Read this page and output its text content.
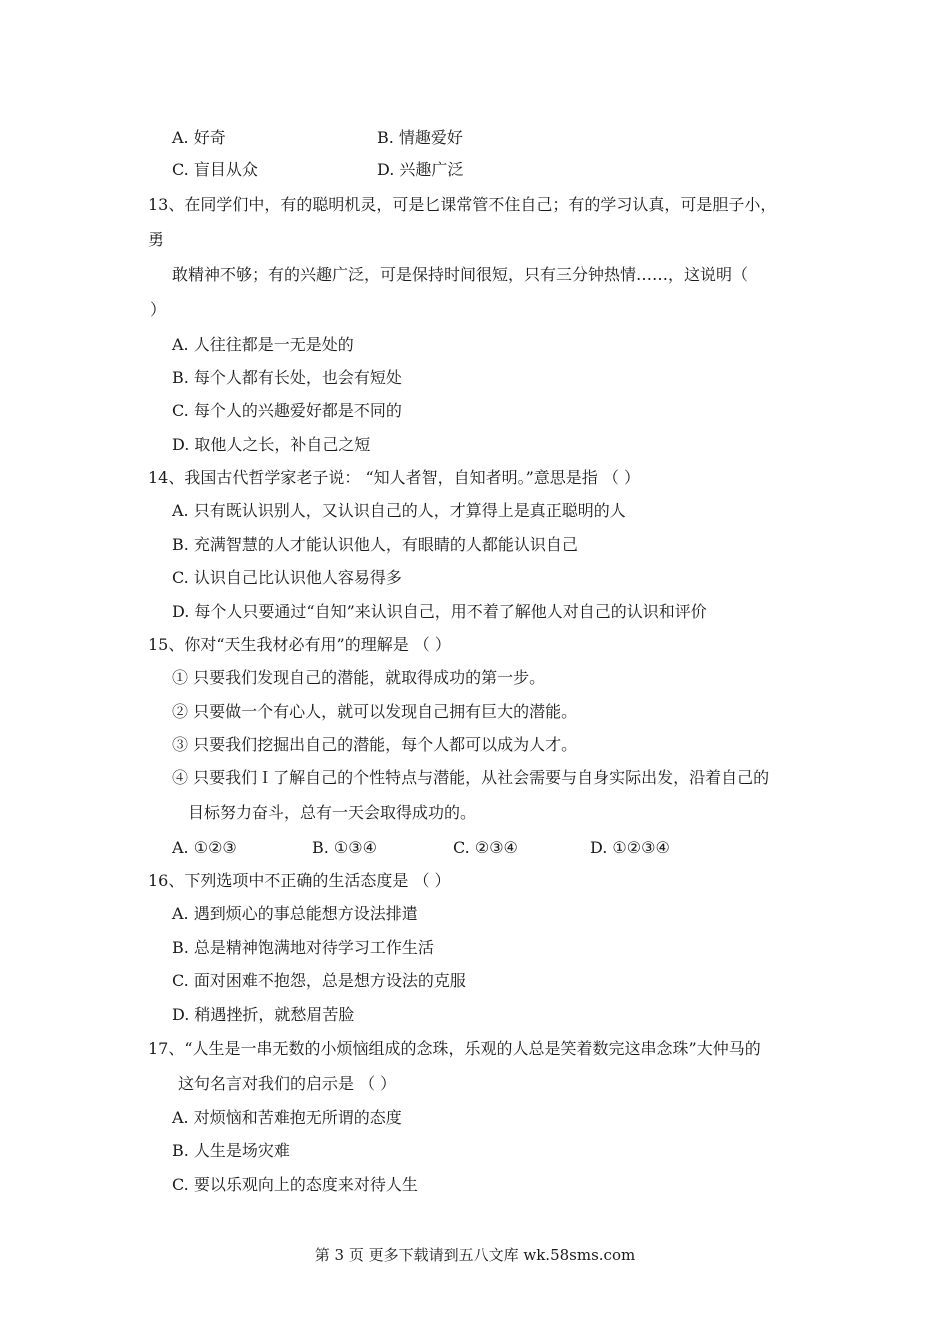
A. 好奇	B. 情趣爱好
C. 盲目从众	D. 兴趣广泛
13、在同学们中，有的聪明机灵，可是匕课常管不住自己；有的学习认真，可是胆子小，
勇
敢精神不够；有的兴趣广泛，可是保持时间很短，只有三分钟热情……，这说明（
）
A. 人往往都是一无是处的
B. 每个人都有长处，也会有短处
C. 每个人的兴趣爱好都是不同的
D. 取他人之长，补自己之短
14、我国古代哲学家老子说： “知人者智，自知者明。”意思是指 （ ）
A. 只有既认识别人，又认识自己的人，才算得上是真正聪明的人
B. 充满智慧的人才能认识他人，有眼睛的人都能认识自己
C. 认识自己比认识他人容易得多
D. 每个人只要通过“自知”来认识自己，用不着了解他人对自己的认识和评价
15、你对“天生我材必有用”的理解是 （ ）
① 只要我们发现自己的潜能，就取得成功的第一步。
② 只要做一个有心人，就可以发现自己拥有巨大的潜能。
③ 只要我们挖掘出自己的潜能，每个人都可以成为人才。
④ 只要我们Ｉ了解自己的个性特点与潜能，从社会需要与自身实际出发，沿着自己的
目标努力奋斗，总有一天会取得成功的。
A. ①②③	B. ①③④	C. ②③④	D. ①②③④
16、下列选项中不正确的生活态度是 （ ）
A. 遇到烦心的事总能想方设法排遣
B. 总是精神饱满地对待学习工作生活
C. 面对困难不抱怨，总是想方设法的克服
D. 稍遇挫折，就愁眉苦脸
17、“人生是一串无数的小烦恼组成的念珠，乐观的人总是笑着数完这串念珠”大仲马的
这句名言对我们的启示是 （ ）
A. 对烦恼和苦难抱无所谓的态度
B. 人生是场灾难
C. 要以乐观向上的态度来对待人生
第 3 页 更多下载请到五八文库 wk.58sms.com
